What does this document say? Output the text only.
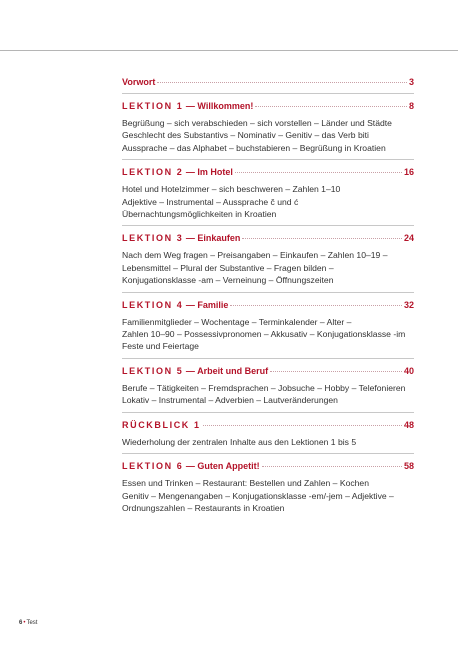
Vorwort	3
LEKTION 1 — Willkommen!	8
Begrüßung – sich verabschieden – sich vorstellen – Länder und Städte
Geschlecht des Substantivs – Nominativ – Genitiv – das Verb biti
Aussprache – das Alphabet – buchstabieren – Begrüßung in Kroatien
LEKTION 2 — Im Hotel	16
Hotel und Hotelzimmer – sich beschweren – Zahlen 1–10
Adjektive – Instrumental – Aussprache č und ć
Übernachtungsmöglichkeiten in Kroatien
LEKTION 3 — Einkaufen	24
Nach dem Weg fragen – Preisangaben – Einkaufen – Zahlen 10–19 –
Lebensmittel – Plural der Substantive – Fragen bilden –
Konjugationsklasse -am – Verneinung – Öffnungszeiten
LEKTION 4 — Familie	32
Familienmitglieder – Wochentage – Terminkalender – Alter –
Zahlen 10–90 – Possessivpronomen – Akkusativ – Konjugationsklasse -im
Feste und Feiertage
LEKTION 5 — Arbeit und Beruf	40
Berufe – Tätigkeiten – Fremdsprachen – Jobsuche – Hobby – Telefonieren
Lokativ – Instrumental – Adverbien – Lautveränderungen
RÜCKBLICK 1	48
Wiederholung der zentralen Inhalte aus den Lektionen 1 bis 5
LEKTION 6 — Guten Appetit!	58
Essen und Trinken – Restaurant: Bestellen und Zahlen – Kochen
Genitiv – Mengenangaben – Konjugationsklasse -em/-jem – Adjektive –
Ordnungszahlen – Restaurants in Kroatien
6•Test
